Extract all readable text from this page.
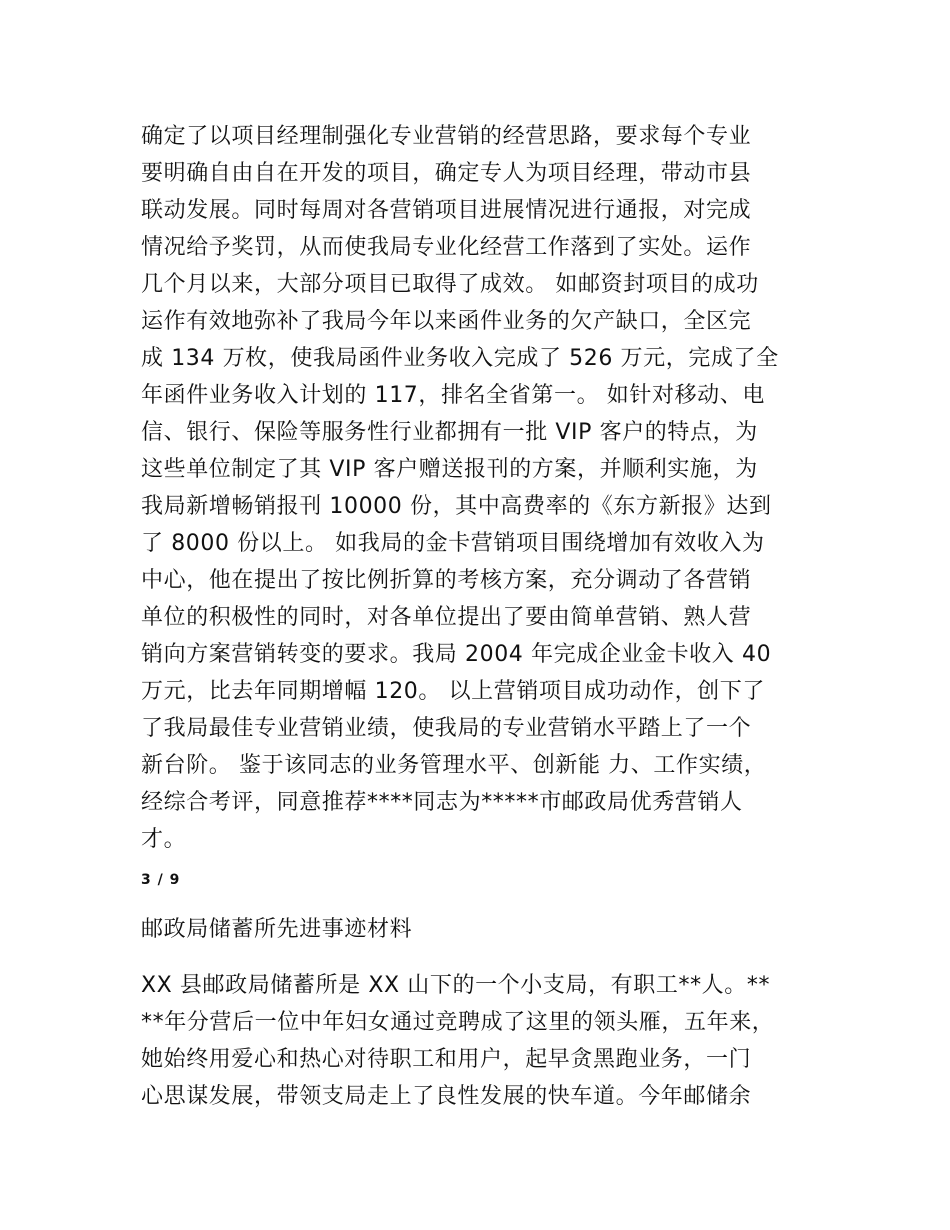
确定了以项目经理制强化专业营销的经营思路，要求每个专业
要明确自由自在开发的项目，确定专人为项目经理，带动市县
联动发展。同时每周对各营销项目进展情况进行通报，对完成
情况给予奖罚，从而使我局专业化经营工作落到了实处。运作
几个月以来，大部分项目已取得了成效。 如邮资封项目的成功
运作有效地弥补了我局今年以来函件业务的欠产缺口，全区完
成 134 万枚，使我局函件业务收入完成了 526 万元，完成了全
年函件业务收入计划的 117，排名全省第一。 如针对移动、电
信、银行、保险等服务性行业都拥有一批 VIP 客户的特点，为
这些单位制定了其 VIP 客户赠送报刊的方案，并顺利实施，为
我局新增畅销报刊 10000 份，其中高费率的《东方新报》达到
了 8000 份以上。 如我局的金卡营销项目围绕增加有效收入为
中心，他在提出了按比例折算的考核方案，充分调动了各营销
单位的积极性的同时，对各单位提出了要由简单营销、熟人营
销向方案营销转变的要求。我局 2004 年完成企业金卡收入 40
万元，比去年同期增幅 120。 以上营销项目成功动作，创下了
了我局最佳专业营销业绩，使我局的专业营销水平踏上了一个
新台阶。 鉴于该同志的业务管理水平、创新能 力、工作实绩，
经综合考评，同意推荐****同志为*****市邮政局优秀营销人
才。
3 / 9
邮政局储蓄所先进事迹材料
XX 县邮政局储蓄所是 XX 山下的一个小支局，有职工**人。**
**年分营后一位中年妇女通过竞聘成了这里的领头雁，五年来，
她始终用爱心和热心对待职工和用户，起早贪黑跑业务，一门
心思谋发展，带领支局走上了良性发展的快车道。今年邮储余
